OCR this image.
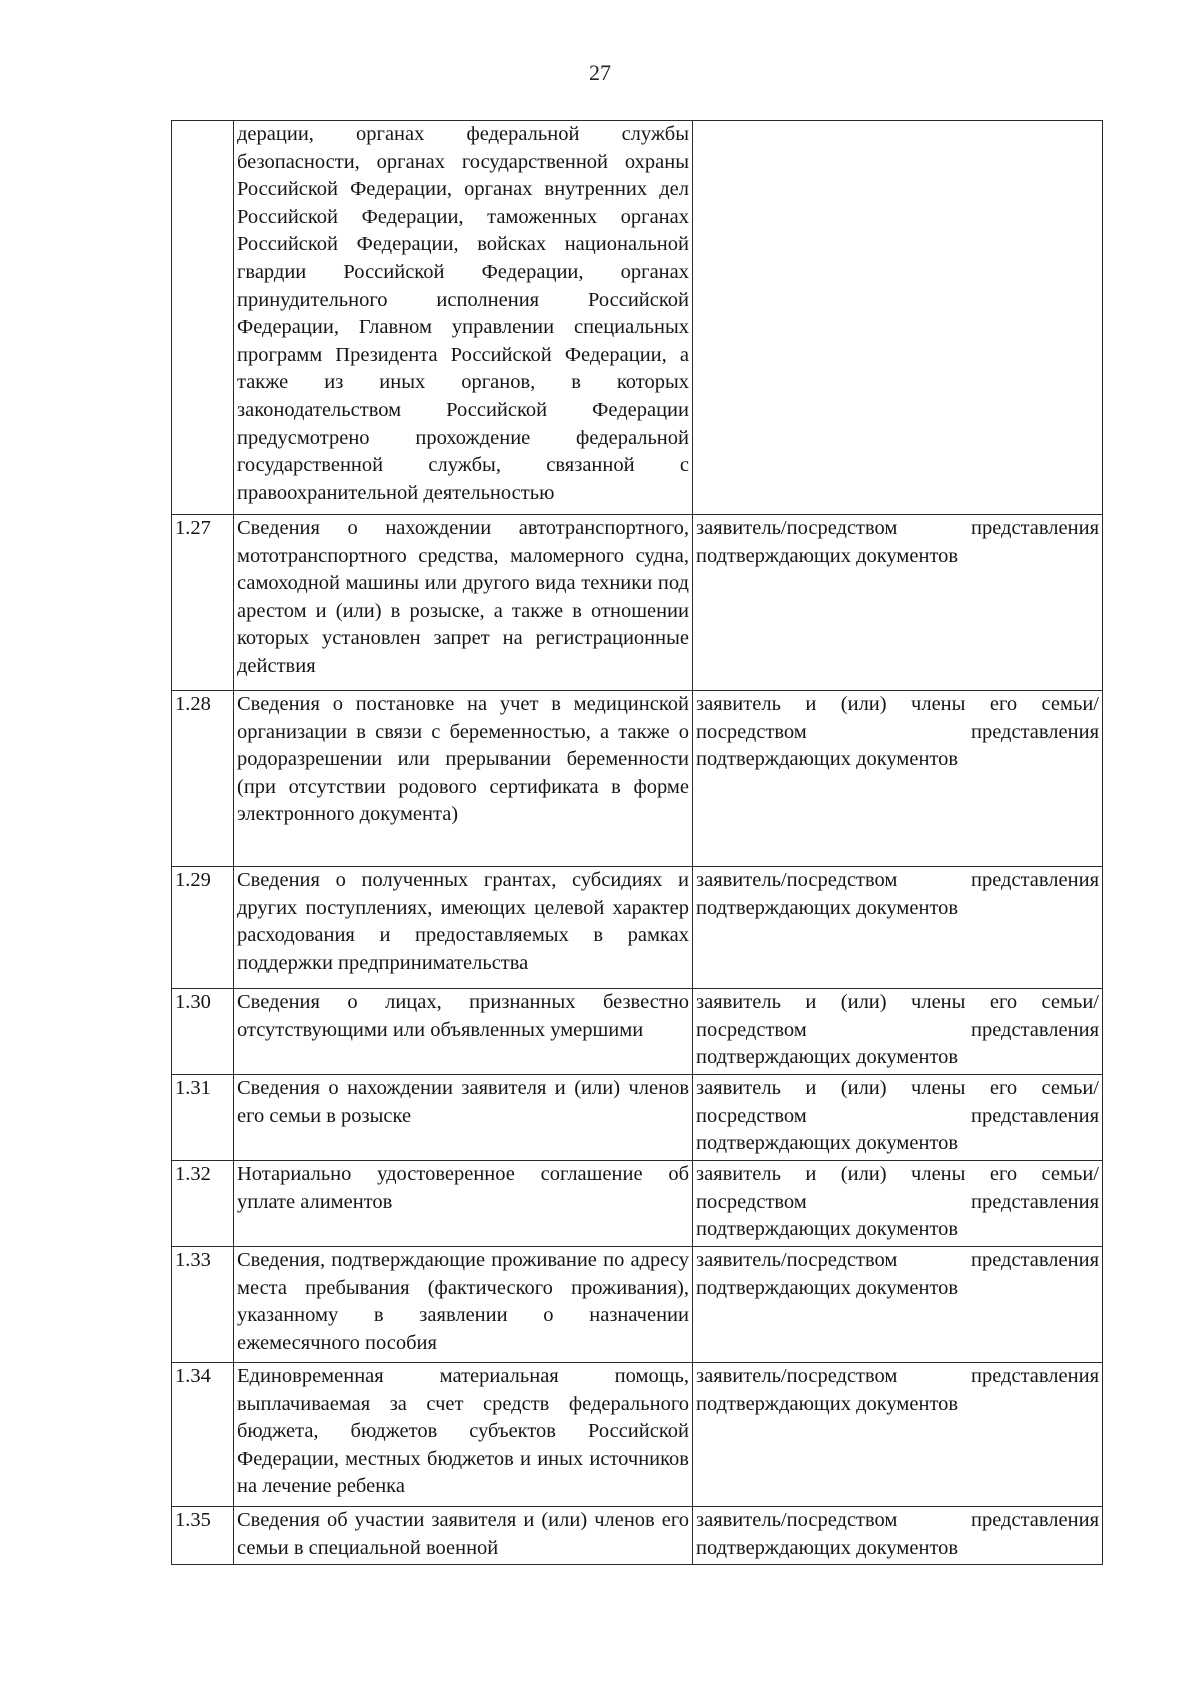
27
	дерации, органах федеральной службы безопасности, органах государственной охраны Российской Федерации, органах внутренних дел Российской Федерации, таможенных органах Российской Федерации, войсках национальной гвардии Российской Федерации, органах принудительного исполнения Российской Федерации, Главном управлении специальных программ Президента Российской Федерации, а также из иных органов, в которых законодательством Российской Федерации предусмотрено прохождение федеральной государственной службы, связанной с правоохранительной деятельностью	
1.27	Сведения о нахождении автотранспортного, мототранспортного средства, маломерного судна, самоходной машины или другого вида техники под арестом и (или) в розыске, а также в отношении которых установлен запрет на регистрационные действия	заявитель/посредством представления подтверждающих документов
1.28	Сведения о постановке на учет в медицинской организации в связи с беременностью, а также о родоразрешении или прерывании беременности (при отсутствии родового сертификата в форме электронного документа)	заявитель и (или) члены его семьи/посредством представления подтверждающих документов
1.29	Сведения о полученных грантах, субсидиях и других поступлениях, имеющих целевой характер расходования и предоставляемых в рамках поддержки предпринимательства	заявитель/посредством представления подтверждающих документов
1.30	Сведения о лицах, признанных безвестно отсутствующими или объявленных умершими	заявитель и (или) члены его семьи/посредством представления подтверждающих документов
1.31	Сведения о нахождении заявителя и (или) членов его семьи в розыске	заявитель и (или) члены его семьи/посредством представления подтверждающих документов
1.32	Нотариально удостоверенное соглашение об уплате алиментов	заявитель и (или) члены его семьи/посредством представления подтверждающих документов
1.33	Сведения, подтверждающие проживание по адресу места пребывания (фактического проживания), указанному в заявлении о назначении ежемесячного пособия	заявитель/посредством представления подтверждающих документов
1.34	Единовременная материальная помощь, выплачиваемая за счет средств федерального бюджета, бюджетов субъектов Российской Федерации, местных бюджетов и иных источников на лечение ребенка	заявитель/посредством представления подтверждающих документов
1.35	Сведения об участии заявителя и (или) членов его семьи в специальной военной	заявитель/посредством представления подтверждающих документов
